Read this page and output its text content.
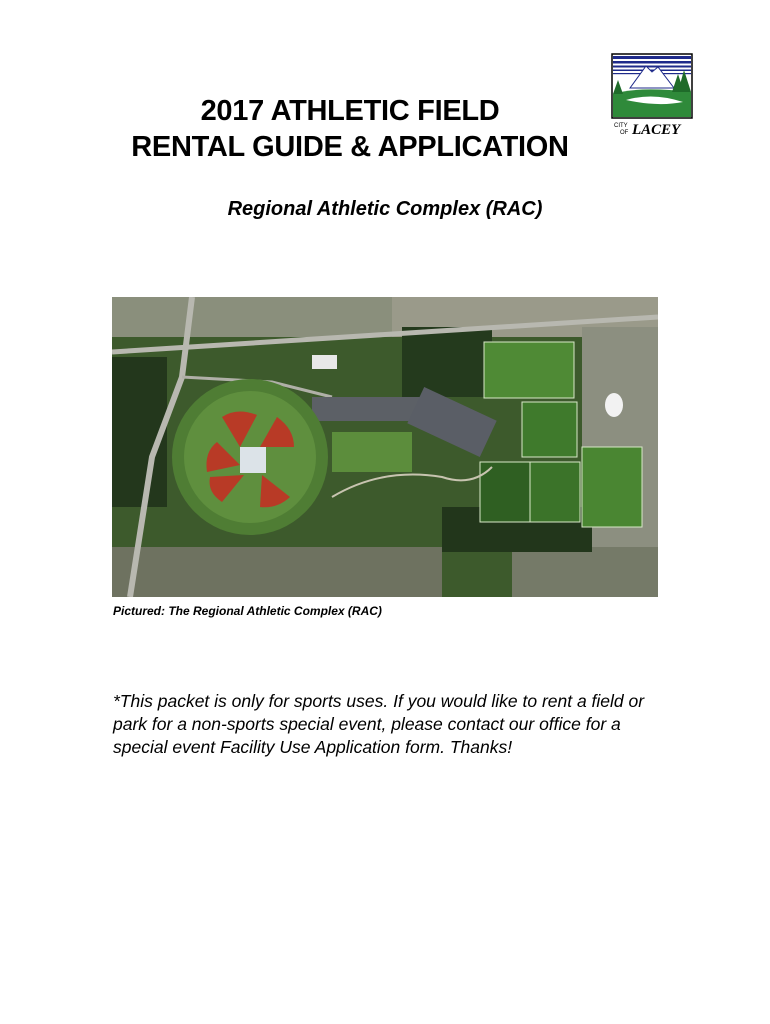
2017 ATHLETIC FIELD
RENTAL GUIDE & APPLICATION
CITY
OF LACEY
Regional Athletic Complex (RAC)
Pictured: The Regional Athletic Complex (RAC)
*This packet is only for sports uses. If you would like to rent a field or park for a non-sports special event, please contact our office for a special event Facility Use Application form. Thanks!
